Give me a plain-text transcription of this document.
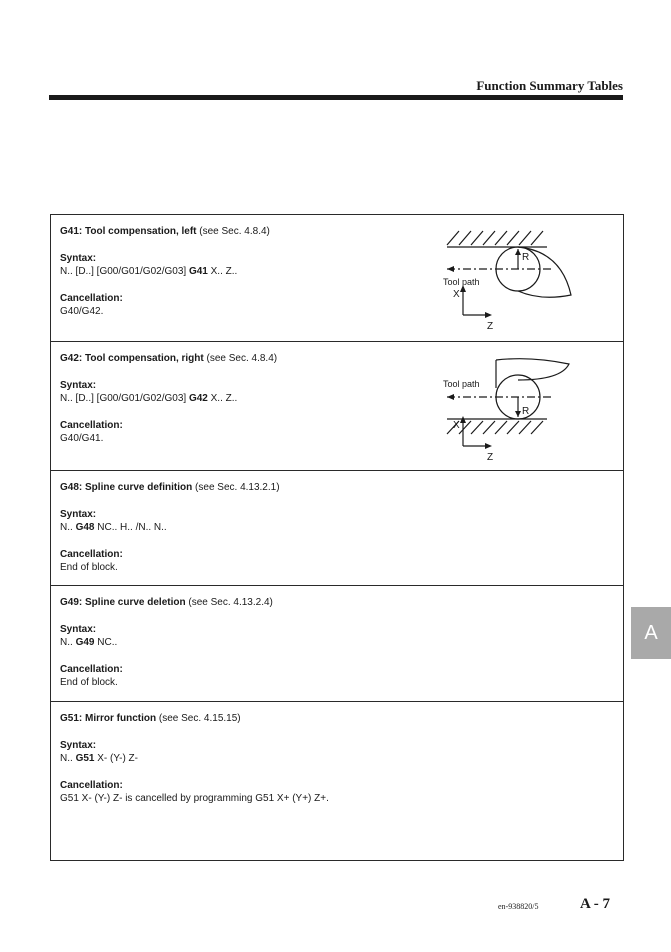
Function Summary Tables

G41: Tool compensation, left (see Sec. 4.8.4)

Syntax:

N.. [D..] [G00/G01/G02/G03] G41 X.. Z..

Cancellation:

G40/G42.

R
Tool path
X
Z

G42: Tool compensation, right (see Sec. 4.8.4)

Syntax:

N.. [D..] [G00/G01/G02/G03] G42 X.. Z..

Cancellation:

G40/G41.

Tool path
R
X
Z

G48: Spline curve definition (see Sec. 4.13.2.1)

Syntax:

N.. G48 NC.. H.. /N.. N..

Cancellation:

End of block.

G49: Spline curve deletion (see Sec. 4.13.2.4)

Syntax:

N.. G49 NC..

Cancellation:

End of block.

G51: Mirror function (see Sec. 4.15.15)

Syntax:

N.. G51 X- (Y-) Z-

Cancellation:

G51 X- (Y-) Z- is cancelled by programming G51 X+ (Y+) Z+.

A
en-938820/5	A - 7
